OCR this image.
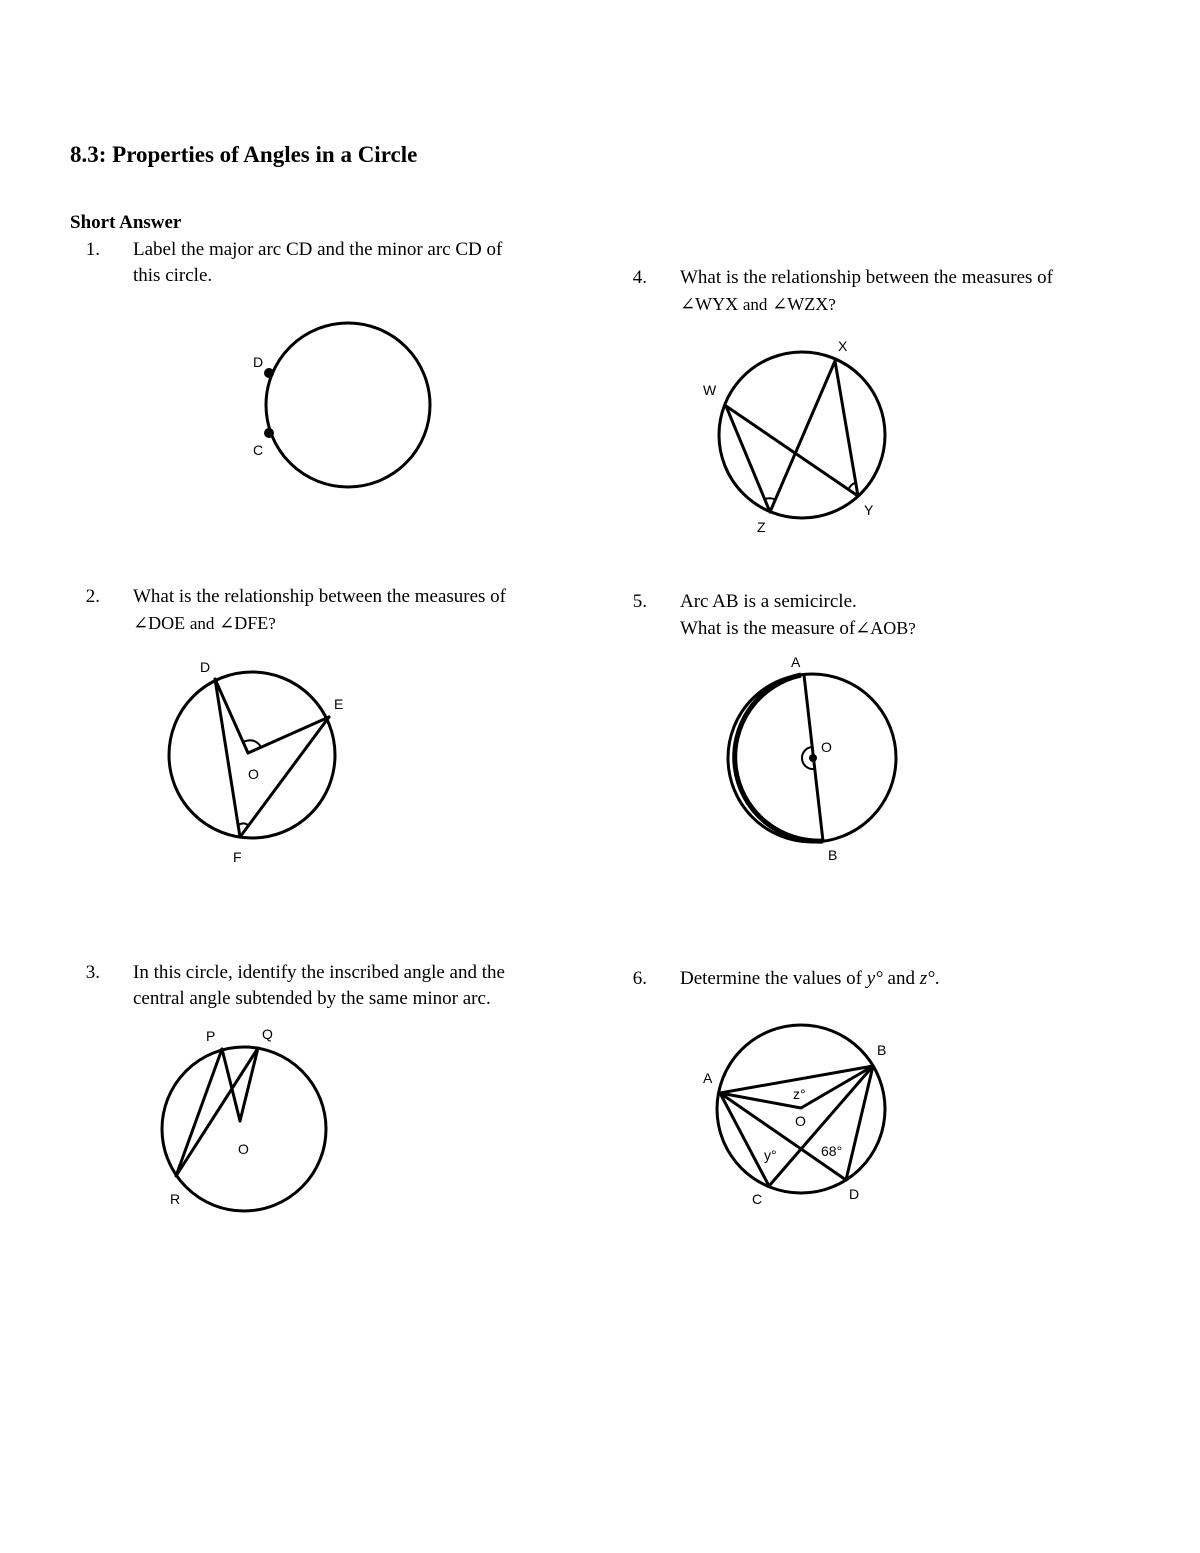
8.3: Properties of Angles in a Circle
Short Answer
1. Label the major arc CD and the minor arc CD of
this circle.
2. What is the relationship between the measures of
∠DOE and ∠DFE?
3. In this circle, identify the inscribed angle and the
central angle subtended by the same minor arc.
4. What is the relationship between the measures of
∠WYX and ∠WZX?
5. Arc AB is a semicircle.
What is the measure of∠AOB?
6. Determine the values of y° and z°.
D
C
D
E
O
F
P	Q
O
R
X
W
Y
Z
A
O
B
B
A
z°
O
y°	68°
C	D
